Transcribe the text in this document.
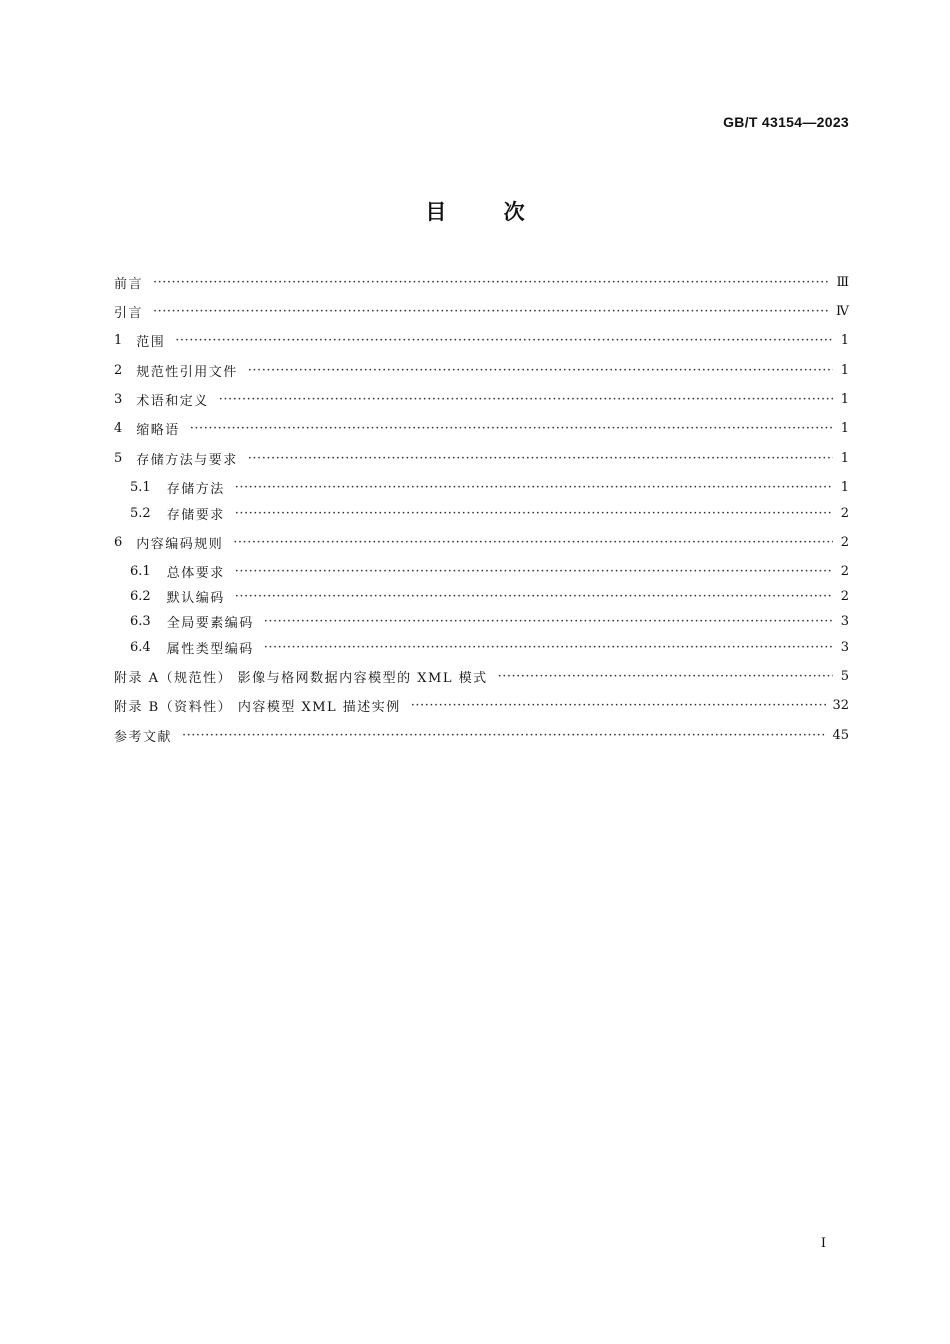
GB/T 43154—2023
目 次
前言 ·····	Ⅲ
引言 ·····	Ⅳ
1 范围 ·····	1
2 规范性引用文件 ·····	1
3 术语和定义 ·····	1
4 缩略语 ·····	1
5 存储方法与要求 ·····	1
5.1 存储方法 ·····	1
5.2 存储要求 ·····	2
6 内容编码规则 ·····	2
6.1 总体要求 ·····	2
6.2 默认编码 ·····	2
6.3 全局要素编码 ·····	3
6.4 属性类型编码 ·····	3
附录 A（规范性） 影像与格网数据内容模型的 XML 模式 ·····	5
附录 B（资料性） 内容模型 XML 描述实例 ·····	32
参考文献 ·····	45
Ⅰ
